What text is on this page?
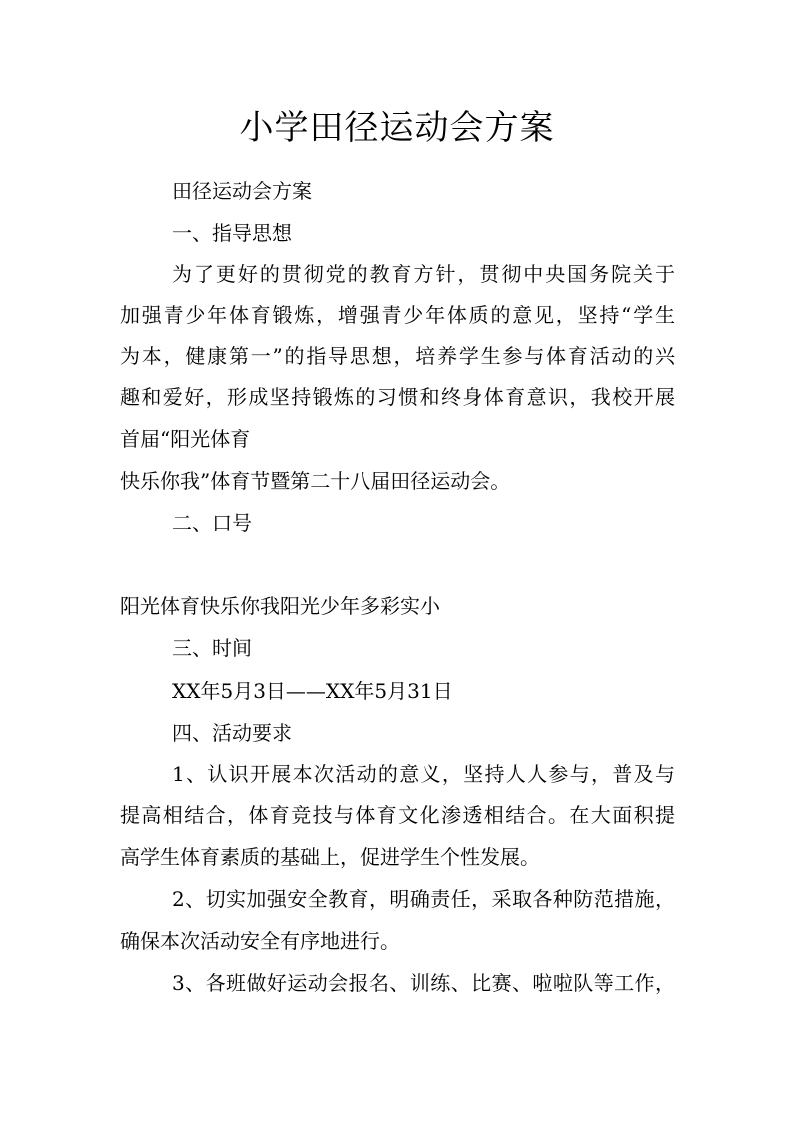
小学田径运动会方案

田径运动会方案

一、指导思想

为了更好的贯彻党的教育方针，贯彻中央国务院关于

加强青少年体育锻炼，增强青少年体质的意见，坚持“学生

为本，健康第一”的指导思想，培养学生参与体育活动的兴

趣和爱好，形成坚持锻炼的习惯和终身体育意识，我校开展

首届“阳光体育

快乐你我”体育节暨第二十八届田径运动会。

二、口号

阳光体育快乐你我阳光少年多彩实小

三、时间

XX年5月3日——XX年5月31日

四、活动要求

1、认识开展本次活动的意义，坚持人人参与，普及与

提高相结合，体育竞技与体育文化渗透相结合。在大面积提

高学生体育素质的基础上，促进学生个性发展。

2、切实加强安全教育，明确责任，采取各种防范措施，

确保本次活动安全有序地进行。

3、各班做好运动会报名、训练、比赛、啦啦队等工作，
